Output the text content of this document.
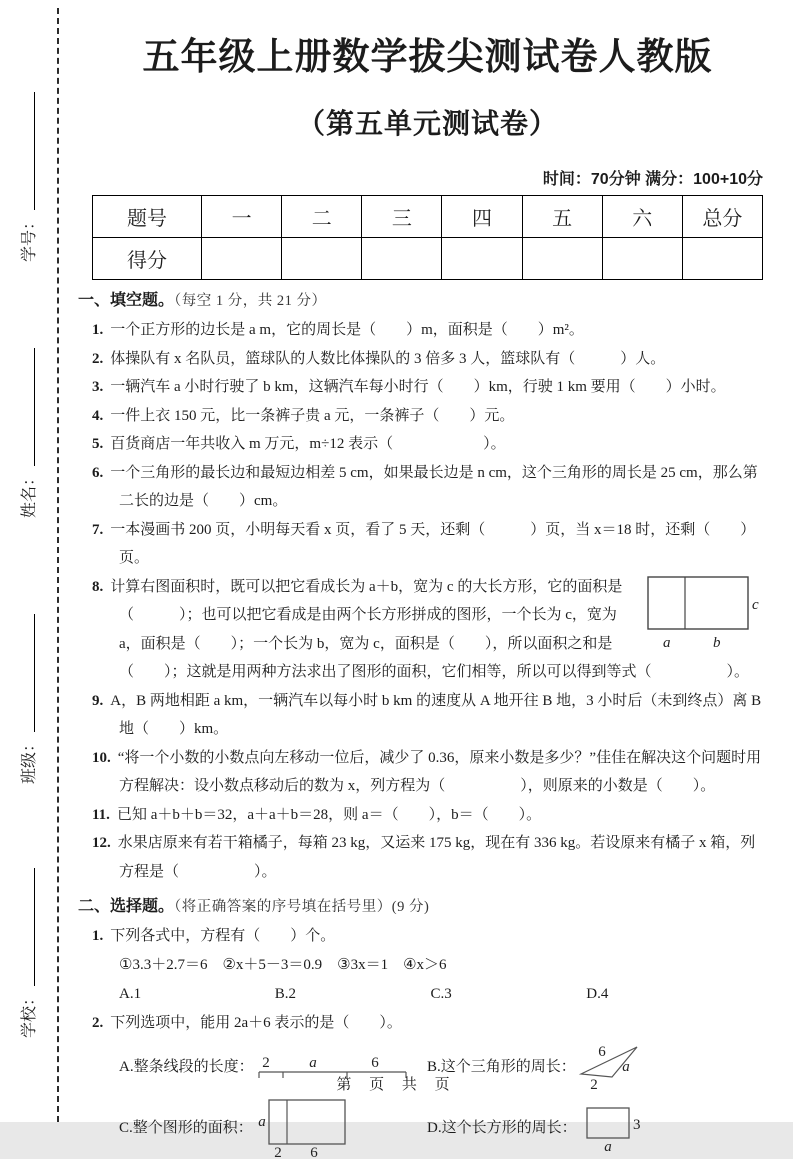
学号：
姓名：
班级：
学校：
五年级上册数学拔尖测试卷人教版
（第五单元测试卷）
时间：70分钟 满分：100+10分
题号	一	二	三	四	五	六	总分
得分							
一、填空题。（每空 1 分，共 21 分）
1. 一个正方形的边长是 a m，它的周长是（　　）m，面积是（　　）m²。
2. 体操队有 x 名队员，篮球队的人数比体操队的 3 倍多 3 人，篮球队有（　　　）人。
3. 一辆汽车 a 小时行驶了 b km，这辆汽车每小时行（　　）km，行驶 1 km 要用（　　）小时。
4. 一件上衣 150 元，比一条裤子贵 a 元，一条裤子（　　）元。
5. 百货商店一年共收入 m 万元，m÷12 表示（　　　　　　）。
6. 一个三角形的最长边和最短边相差 5 cm，如果最长边是 n cm，这个三角形的周长是 25 cm，那么第二长的边是（　　）cm。
7. 一本漫画书 200 页，小明每天看 x 页，看了 5 天，还剩（　　　）页，当 x＝18 时，还剩（　　）页。
c
a	b
8. 计算右图面积时，既可以把它看成长为 a＋b，宽为 c 的大长方形，它的面积是（　　　）；也可以把它看成是由两个长方形拼成的图形，一个长为 c，宽为 a，面积是（　　）；一个长为 b，宽为 c，面积是（　　），所以面积之和是（　　）；这就是用两种方法求出了图形的面积，它们相等，所以可以得到等式（　　　　　）。
9. A，B 两地相距 a km，一辆汽车以每小时 b km 的速度从 A 地开往 B 地，3 小时后（未到终点）离 B 地（　　）km。
10. “将一个小数的小数点向左移动一位后，减少了 0.36，原来小数是多少？”佳佳在解决这个问题时用方程解决：设小数点移动后的数为 x，列方程为（　　　　　），则原来的小数是（　　）。
11. 已知 a＋b＋b＝32，a＋a＋b＝28，则 a＝（　　），b＝（　　）。
12. 水果店原来有若干箱橘子，每箱 23 kg，又运来 175 kg，现在有 336 kg。若设原来有橘子 x 箱，列方程是（　　　　　）。
二、选择题。（将正确答案的序号填在括号里）(9 分)
1. 下列各式中，方程有（　　）个。
①3.3＋2.7＝6　②x＋5－3＝0.9　③3x＝1　④x＞6
A.1	B.2	C.3	D.4
2. 下列选项中，能用 2a＋6 表示的是（　　）。
A.整条线段的长度： 2	a	6	B.这个三角形的周长：
6
a
2
C.整个图形的面积： a
2 6
D.这个长方形的周长：	3
a
第 页 共 页
